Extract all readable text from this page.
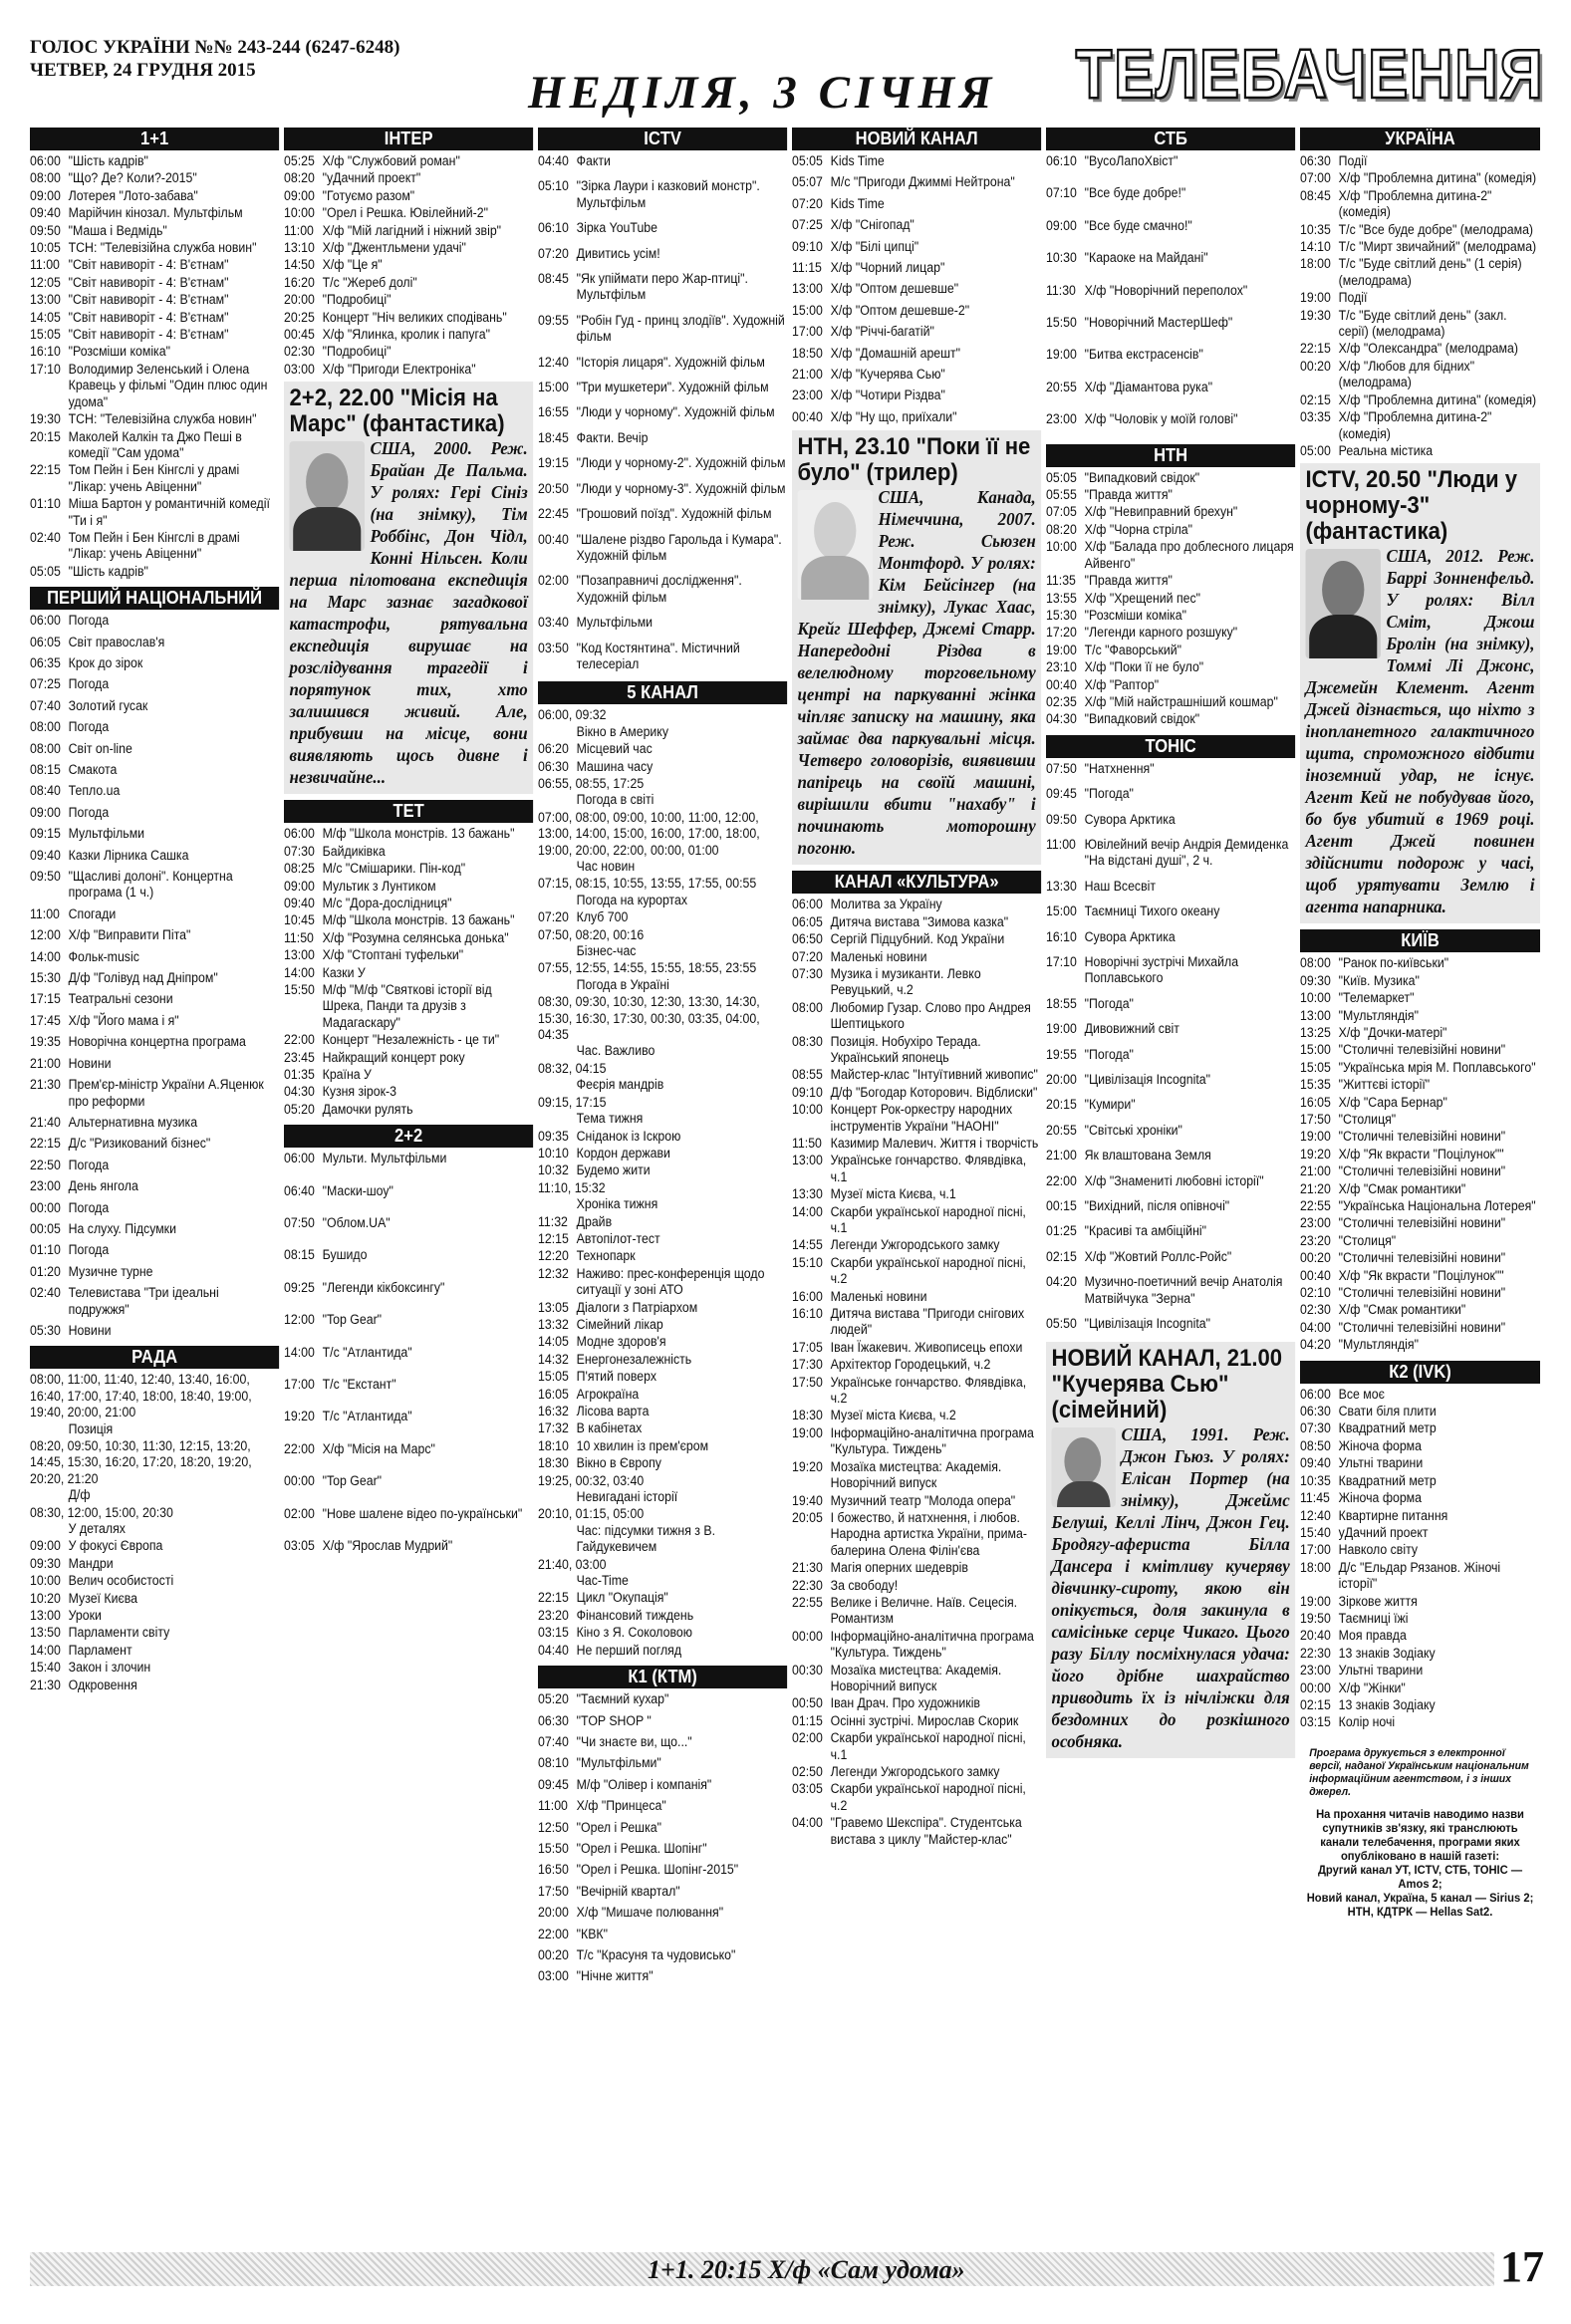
ГОЛОС УКРАЇНИ №№ 243-244 (6247-6248)
ЧЕТВЕР, 24 ГРУДНЯ 2015	НЕДІЛЯ, 3 СІЧНЯ ТЕЛЕБАЧЕННЯ
1+1
06:00 "Шість кадрів"
08:00 "Що? Де? Коли?-2015"
09:00 Лотерея "Лото-забава"
09:40 Марійчин кінозал. Мультфільм
09:50 "Маша і Ведмідь"
10:05 ТСН: "Телевізійна служба новин"
11:00 "Світ навиворіт - 4: В'єтнам"
12:05 "Світ навиворіт - 4: В'єтнам"
13:00 "Світ навиворіт - 4: В'єтнам"
14:05 "Світ навиворіт - 4: В'єтнам"
15:05 "Світ навиворіт - 4: В'єтнам"
16:10 "Розсміши коміка"
17:10 Володимир Зеленський і Олена Кравець у фільмі "Один плюс один удома"
19:30 ТСН: "Телевізійна служба новин"
20:15 Маколей Калкін та Джо Пеші в комедії "Сам удома"
22:15 Том Пейн і Бен Кінгслі у драмі "Лікар: учень Авіценни"
01:10 Міша Бартон у романтичній комедії "Ти і я"
02:40 Том Пейн і Бен Кінгслі в драмі "Лікар: учень Авіценни"
05:05 "Шість кадрів"
ПЕРШИЙ НАЦІОНАЛЬНИЙ
06:00 Погода
06:05 Світ православ'я
06:35 Крок до зірок
07:25 Погода
07:40 Золотий гусак
08:00 Погода
08:00 Світ on-line
08:15 Смакота
08:40 Тепло.ua
09:00 Погода
09:15 Мультфільми
09:40 Казки Лірника Сашка
09:50 "Щасливі долоні". Концертна програма (1 ч.)
11:00 Спогади
12:00 Х/ф "Виправити Піта"
14:00 Фольк-music
15:30 Д/ф "Голівуд над Дніпром"
17:15 Театральні сезони
17:45 Х/ф "Його мама і я"
19:35 Новорічна концертна програма
21:00 Новини
21:30 Прем'єр-міністр України А.Яценюк про реформи
21:40 Альтернативна музика
22:15 Д/с "Ризикований бізнес"
22:50 Погода
23:00 День янгола
00:00 Погода
00:05 На слуху. Підсумки
01:10 Погода
01:20 Музичне турне
02:40 Телевистава "Три ідеальні подружжя"
05:30 Новини
РАДА
08:00, 11:00, 11:40, 12:40, 13:40, 16:00, 16:40, 17:00, 17:40, 18:00, 18:40, 19:00, 19:40, 20:00, 21:00
Позиція
08:20, 09:50, 10:30, 11:30, 12:15, 13:20, 14:45, 15:30, 16:20, 17:20, 18:20, 19:20, 20:20, 21:20
Д/ф
08:30, 12:00, 15:00, 20:30
У деталях
09:00 У фокусі Європа
09:30 Мандри
10:00 Велич особистості
10:20 Музеї Києва
13:00 Уроки
13:50 Парламенти світу
14:00 Парламент
15:40 Закон і злочин
21:30 Одкровення
ІНТЕР
05:25 Х/ф "Службовий роман"
08:20 "уДачний проект"
09:00 "Готуємо разом"
10:00 "Орел і Решка. Ювілейний-2"
11:00 Х/ф "Мій лагідний і ніжний звір"
13:10 Х/ф "Джентльмени удачі"
14:50 Х/ф "Це я"
16:20 Т/с "Жереб долі"
20:00 "Подробиці"
20:25 Концерт "Ніч великих сподівань"
00:45 Х/ф "Ялинка, кролик і папуга"
02:30 "Подробиці"
03:00 Х/ф "Пригоди Електроніка"
2+2, 22.00 "Місія на Марс" (фантастика)
США, 2000. Реж. Брайан Де Пальма. У ролях: Гері Сініз (на знімку), Тім Роббінс, Дон Чідл, Конні Нільсен. Коли перша пілотована експедиція на Марс зазнає загадкової катастрофи, рятувальна експедиція вирушає на розслідування трагедії і порятунок тих, хто залишився живий. Але, прибувши на місце, вони виявляють щось дивне і незвичайне...
ТЕТ
06:00 М/ф "Школа монстрів. 13 бажань"
07:30 Байдиківка
08:25 М/с "Смішарики. Пін-код"
09:00 Мультик з Лунтиком
09:40 М/с "Дора-дослідниця"
10:45 М/ф "Школа монстрів. 13 бажань"
11:50 Х/ф "Розумна селянська донька"
13:00 Х/ф "Стоптані туфельки"
14:00 Казки У
15:50 М/ф "М/ф "Святкові історії від Шрека, Панди та друзів з Мадагаскару"
22:00 Концерт "Незалежність - це ти"
23:45 Найкращий концерт року
01:35 Країна У
04:30 Кузня зірок-3
05:20 Дамочки рулять
2+2
06:00 Мульти. Мультфільми
06:40 "Маски-шоу"
07:50 "Облом.UA"
08:15 Бушидо
09:25 "Легенди кікбоксингу"
12:00 "Top Gear"
14:00 Т/с "Атлантида"
17:00 Т/с "Екстант"
19:20 Т/с "Атлантида"
22:00 Х/ф "Місія на Марс"
00:00 "Top Gear"
02:00 "Нове шалене відео по-українськи"
03:05 Х/ф "Ярослав Мудрий"
ICTV
04:40 Факти
05:10 "Зірка Лаури і казковий монстр". Мультфільм
06:10 Зірка YouTube
07:20 Дивитись усім!
08:45 "Як упіймати перо Жар-птиці". Мультфільм
09:55 "Робін Гуд - принц злодіїв". Художній фільм
12:40 "Історія лицаря". Художній фільм
15:00 "Три мушкетери". Художній фільм
16:55 "Люди у чорному". Художній фільм
18:45 Факти. Вечір
19:15 "Люди у чорному-2". Художній фільм
20:50 "Люди у чорному-3". Художній фільм
22:45 "Грошовий поїзд". Художній фільм
00:40 "Шалене різдво Гарольда і Кумара". Художній фільм
02:00 "Позаправничі дослідження". Художній фільм
03:40 Мультфільми
03:50 "Код Костянтина". Містичний телесеріал
5 КАНАЛ
06:00, 09:32
Вікно в Америку
06:20 Місцевий час
06:30 Машина часу
06:55, 08:55, 17:25
Погода в світі
07:00, 08:00, 09:00, 10:00, 11:00, 12:00, 13:00, 14:00, 15:00, 16:00, 17:00, 18:00, 19:00, 20:00, 22:00, 00:00, 01:00
Час новин
07:15, 08:15, 10:55, 13:55, 17:55, 00:55
Погода на курортах
07:20 Клуб 700
07:50, 08:20, 00:16
Бізнес-час
07:55, 12:55, 14:55, 15:55, 18:55, 23:55
Погода в Україні
08:30, 09:30, 10:30, 12:30, 13:30, 14:30, 15:30, 16:30, 17:30, 00:30, 03:35, 04:00, 04:35
Час. Важливо
08:32, 04:15
Феєрія мандрів
09:15, 17:15
Тема тижня
09:35 Сніданок із Іскрою
10:10 Кордон держави
10:32 Будемо жити
11:10, 15:32
Хроніка тижня
11:32 Драйв
12:15 Автопілот-тест
12:20 Технопарк
12:32 Наживо: прес-конференція щодо ситуації у зоні АТО
13:05 Діалоги з Патріархом
13:32 Сімейний лікар
14:05 Модне здоров'я
14:32 Енергонезалежність
15:05 П'ятий поверх
16:05 Агрокраїна
16:32 Лісова варта
17:32 В кабінетах
18:10 10 хвилин із прем'єром
18:30 Вікно в Європу
19:25, 00:32, 03:40
Невигадані історії
20:10, 01:15, 05:00
Час: підсумки тижня з В. Гайдукевичем
21:40, 03:00
Час-Time
22:15 Цикл "Окупація"
23:20 Фінансовий тиждень
03:15 Кіно з Я. Соколовою
04:40 Не перший погляд
К1 (КТМ)
05:20 "Таємний кухар"
06:30 "TOP SHOP "
07:40 "Чи знаєте ви, що..."
08:10 "Мультфільми"
09:45 М/ф "Олівер і компанія"
11:00 Х/ф "Принцеса"
12:50 "Орел і Решка"
15:50 "Орел і Решка. Шопінг"
16:50 "Орел і Решка. Шопінг-2015"
17:50 "Вечірній квартал"
20:00 Х/ф "Мишаче полювання"
22:00 "КВК"
00:20 Т/с "Красуня та чудовисько"
03:00 "Нічне життя"
НОВИЙ КАНАЛ
05:05 Kids Time
05:07 М/с "Пригоди Джиммі Нейтрона"
07:20 Kids Time
07:25 Х/ф "Снігопад"
09:10 Х/ф "Білі ципці"
11:15 Х/ф "Чорний лицар"
13:00 Х/ф "Оптом дешевше"
15:00 Х/ф "Оптом дешевше-2"
17:00 Х/ф "Річчі-багатій"
18:50 Х/ф "Домашній арешт"
21:00 Х/ф "Кучерява Сью"
23:00 Х/ф "Чотири Різдва"
00:40 Х/ф "Ну що, приїхали"
НТН, 23.10 "Поки її не було" (трилер)
США, Канада, Німеччина, 2007. Реж. Сьюзен Монтфорд. У ролях: Кім Бейсінгер (на знімку), Лукас Хаас, Крейг Шеффер, Джемі Старр. Напередодні Різдва в велелюдному торговельному центрі на паркуванні жінка чіпляє записку на машину, яка займає два паркувальні місця. Четверо головорізів, виявивши папірець на своїй машині, вирішили вбити "нахабу" і починають моторошну погоню.
КАНАЛ «КУЛЬТУРА»
06:00 Молитва за Україну
06:05 Дитяча вистава "Зимова казка"
06:50 Сергій Підцубний. Код України
07:20 Маленькі новини
07:30 Музика і музиканти. Левко Ревуцький, ч.2
08:00 Любомир Гузар. Слово про Андрея Шептицького
08:30 Позиція. Нобухіро Терада. Український японець
08:55 Майстер-клас "Інтуїтивний живопис"
09:10 Д/ф "Богодар Которович. Відблиски"
10:00 Концерт Рок-оркестру народних інструментів України "НАОНІ"
11:50 Казимир Малевич. Життя і творчість
13:00 Українське гончарство. Флявдівка, ч.1
13:30 Музеї міста Києва, ч.1
14:00 Скарби української народної пісні, ч.1
14:55 Легенди Ужгородського замку
15:10 Скарби української народної пісні, ч.2
16:00 Маленькі новини
16:10 Дитяча вистава "Пригоди снігових людей"
17:05 Іван Їжакевич. Живописець епохи
17:30 Архітектор Городецький, ч.2
17:50 Українське гончарство. Флявдівка, ч.2
18:30 Музеї міста Києва, ч.2
19:00 Інформаційно-аналітична програма "Культура. Тиждень"
19:20 Мозаїка мистецтва: Академія. Новорічний випуск
19:40 Музичний театр "Молода опера"
20:05 І божество, й натхнення, і любов. Народна артистка України, прима-балерина Олена Філін'єва
21:30 Магія оперних шедеврів
22:30 За свободу!
22:55 Велике і Величне. Наїв. Сецесія. Романтизм
00:00 Інформаційно-аналітична програма "Культура. Тиждень"
00:30 Мозаїка мистецтва: Академія. Новорічний випуск
00:50 Іван Драч. Про художників
01:15 Осінні зустрічі. Мирослав Скорик
02:00 Скарби української народної пісні, ч.1
02:50 Легенди Ужгородського замку
03:05 Скарби української народної пісні, ч.2
04:00 "Гравемо Шекспіра". Студентська вистава з циклу "Майстер-клас"
СТБ
06:10 "ВусоЛапоХвіст"
07:10 "Все буде добре!"
09:00 "Все буде смачно!"
10:30 "Караоке на Майдані"
11:30 Х/ф "Новорічний переполох"
15:50 "Новорічний МастерШеф"
19:00 "Битва екстрасенсів"
20:55 Х/ф "Діамантова рука"
23:00 Х/ф "Чоловік у моїй голові"
НТН
05:05 "Випадковий свідок"
05:55 "Правда життя"
07:05 Х/ф "Невиправний брехун"
08:20 Х/ф "Чорна стріла"
10:00 Х/ф "Балада про доблесного лицаря Айвенго"
11:35 "Правда життя"
13:55 Х/ф "Хрещений пес"
15:30 "Розсміши коміка"
17:20 "Легенди карного розшуку"
19:00 Т/с "Фаворський"
23:10 Х/ф "Поки її не було"
00:40 Х/ф "Раптор"
02:35 Х/ф "Мій найстрашніший кошмар"
04:30 "Випадковий свідок"
ТОНІС
07:50 "Натхнення"
09:45 "Погода"
09:50 Сувора Арктика
11:00 Ювілейний вечір Андрія Демиденка "На відстані душі", 2 ч.
13:30 Наш Всесвіт
15:00 Таємниці Тихого океану
16:10 Сувора Арктика
17:10 Новорічні зустрічі Михайла Поплавського
18:55 "Погода"
19:00 Дивовижний світ
19:55 "Погода"
20:00 "Цивілізація Incognita"
20:15 "Кумири"
20:55 "Світські хроніки"
21:00 Як влаштована Земля
22:00 Х/ф "Знаменитi любовні історії"
00:15 "Вихідний, після опівночі"
01:25 "Красиві та амбіційні"
02:15 Х/ф "Жовтий Роллс-Ройс"
04:20 Музично-поетичний вечір Анатолія Матвійчука "Зерна"
05:50 "Цивілізація Incognita"
НОВИЙ КАНАЛ, 21.00 "Кучерява Сью" (сімейний)
США, 1991. Реж. Джон Гьюз. У ролях: Еліcан Портер (на знімку), Джеймс Белуші, Келлі Лінч, Джон Гец. Бродягу-афериста Білла Дансера і кмітливу кучеряву дівчинку-сироту, якою він опікується, доля закинула в самісіньке серце Чикаго. Цього разу Біллу посміхнулася удача: його дрібне шахрайство приводить їх із нічліжки для бездомних до розкішного особняка.
УКРАЇНА
06:30 Події
07:00 Х/ф "Проблемна дитина" (комедія)
08:45 Х/ф "Проблемна дитина-2" (комедія)
10:35 Т/с "Все буде добре" (мелодрама)
14:10 Т/с "Мирт звичайний" (мелодрама)
18:00 Т/с "Буде світлий день" (1 серія) (мелодрама)
19:00 Події
19:30 Т/с "Буде світлий день" (закл. серії) (мелодрама)
22:15 Х/ф "Олександра" (мелодрама)
00:20 Х/ф "Любов для бідних" (мелодрама)
02:15 Х/ф "Проблемна дитина" (комедія)
03:35 Х/ф "Проблемна дитина-2" (комедія)
05:00 Реальна містика
ICTV, 20.50 "Люди у чорному-3" (фантастика)
США, 2012. Реж. Баррі Зонненфельд. У ролях: Вілл Сміт, Джош Бролін (на знімку), Томмі Лі Джонс, Джемейн Клемент. Агент Джей дізнається, що ніхто з інопланетного галактичного щита, спроможного відбити іноземний удар, не існує. Агент Кей не побудував його, бо був убитий в 1969 році. Агент Джей повинен здійснити подорож у часі, щоб урятувати Землю і агента напарника.
КИЇВ
08:00 "Ранок по-київськи"
09:30 "Київ. Музика"
10:00 "Телемаркет"
13:00 "Мультляндія"
13:25 Х/ф "Дочки-матері"
15:00 "Столичні телевізійні новини"
15:05 "Українська мрія М. Поплавського"
15:35 "Життєві історії"
16:05 Х/ф "Сара Бернар"
17:50 "Столиця"
19:00 "Столичні телевізійні новини"
19:20 Х/ф "Як вкрасти "Поцілунок""
21:00 "Столичні телевізійні новини"
21:20 Х/ф "Смак романтики"
22:55 "Українська Національна Лотерея"
23:00 "Столичні телевізійні новини"
23:20 "Столиця"
00:20 "Столичні телевізійні новини"
00:40 Х/ф "Як вкрасти "Поцілунок""
02:10 "Столичні телевізійні новини"
02:30 Х/ф "Смак романтики"
04:00 "Столичні телевізійні новини"
04:20 "Мультляндія"
К2 (IVK)
06:00 Все моє
06:30 Свати біля плити
07:30 Квадратний метр
08:50 Жіноча форма
09:40 Ультні тварини
10:35 Квадратний метр
11:45 Жіноча форма
12:40 Квартирне питання
15:40 уДачний проект
17:00 Навколо світу
18:00 Д/с "Ельдар Рязанов. Жіночі історії"
19:00 Зіркове життя
19:50 Таємниці їжі
20:40 Моя правда
22:30 13 знаків Зодіаку
23:00 Ультні тварини
00:00 Х/ф "Жінки"
02:15 13 знаків Зодіаку
03:15 Колір ночі
Програма друкується з електронної версії, наданої Українським національним інформаційним агентством, і з інших джерел.
На прохання читачів наводимо назви супутників зв'язку, які транслюють канали телебачення, програми яких опубліковано в нашій газеті:
Другий канал УТ, ICTV, СТБ, ТОНІС — Amos 2;
Новий канал, Україна, 5 канал — Sirius 2;
НТН, КДТРК — Hellas Sat2.
1+1. 20:15 Х/ф «Сам удома»	17
